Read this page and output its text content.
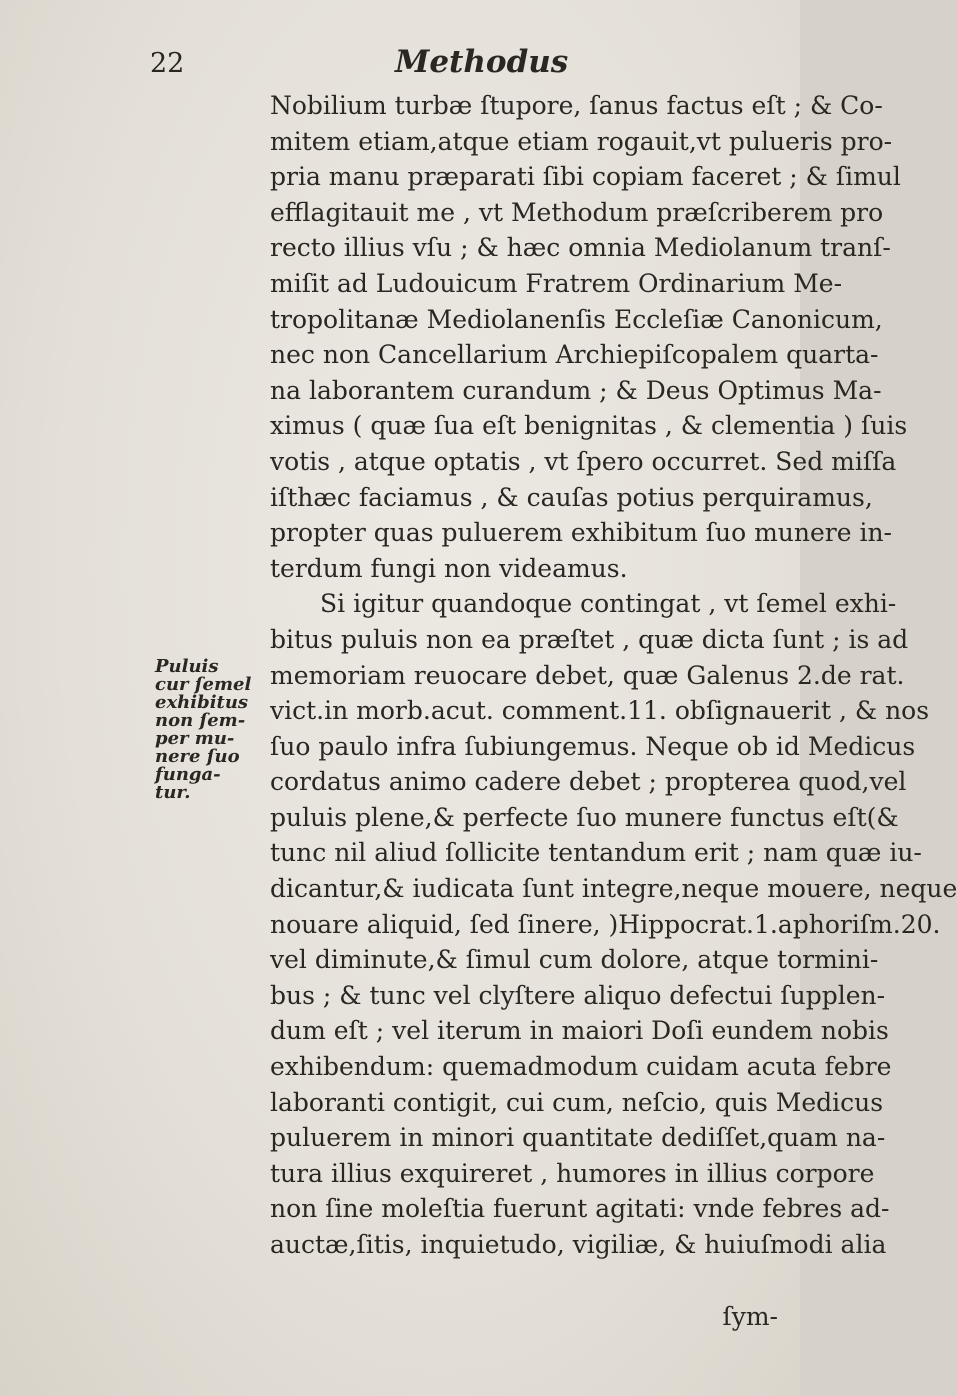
22	Methodus
Nobilium turbæ ſtupore, ſanus factus eſt ; & Co-
mitem etiam,atque etiam rogauit,vt pulueris pro-
pria manu præparati ſibi copiam faceret ; & ſimul
efflagitauit me , vt Methodum præſcriberem pro
recto illius vſu ; & hæc omnia Mediolanum tranſ-
miſit ad Ludouicum Fratrem Ordinarium Me-
tropolitanæ Mediolanenſis Eccleſiæ Canonicum,
nec non Cancellarium Archiepiſcopalem quarta-
na laborantem curandum ; & Deus Optimus Ma-
ximus ( quæ ſua eſt benignitas , & clementia ) ſuis
votis , atque optatis , vt ſpero occurret. Sed miſſa
iſthæc faciamus , & cauſas potius perquiramus,
propter quas puluerem exhibitum ſuo munere in-
terdum fungi non videamus.
Si igitur quandoque contingat , vt ſemel exhi-
bitus puluis non ea præſtet , quæ dicta ſunt ; is ad
memoriam reuocare debet, quæ Galenus 2.de rat.
vict.in morb.acut. comment.11. obſignauerit , & nos
ſuo paulo infra ſubiungemus. Neque ob id Medicus
cordatus animo cadere debet ; propterea quod,vel
puluis plene,& perfecte ſuo munere functus eſt(&
tunc nil aliud ſollicite tentandum erit ; nam quæ iu-
dicantur,& iudicata ſunt integre,neque mouere, neque
nouare aliquid, ſed ſinere, )Hippocrat.1.aphoriſm.20.
vel diminute,& ſimul cum dolore, atque tormini-
bus ; & tunc vel clyſtere aliquo defectui ſupplen-
dum eſt ; vel iterum in maiori Doſi eundem nobis
exhibendum: quemadmodum cuidam acuta febre
laboranti contigit, cui cum, neſcio, quis Medicus
puluerem in minori quantitate dediſſet,quam na-
tura illius exquireret , humores in illius corpore
non ſine moleſtia fuerunt agitati: vnde febres ad-
auctæ,ſitis, inquietudo, vigiliæ, & huiuſmodi alia
Puluis
cur ſemel
exhibitus
non ſem-
per mu-
nere ſuo
funga-
tur.
ſym-
